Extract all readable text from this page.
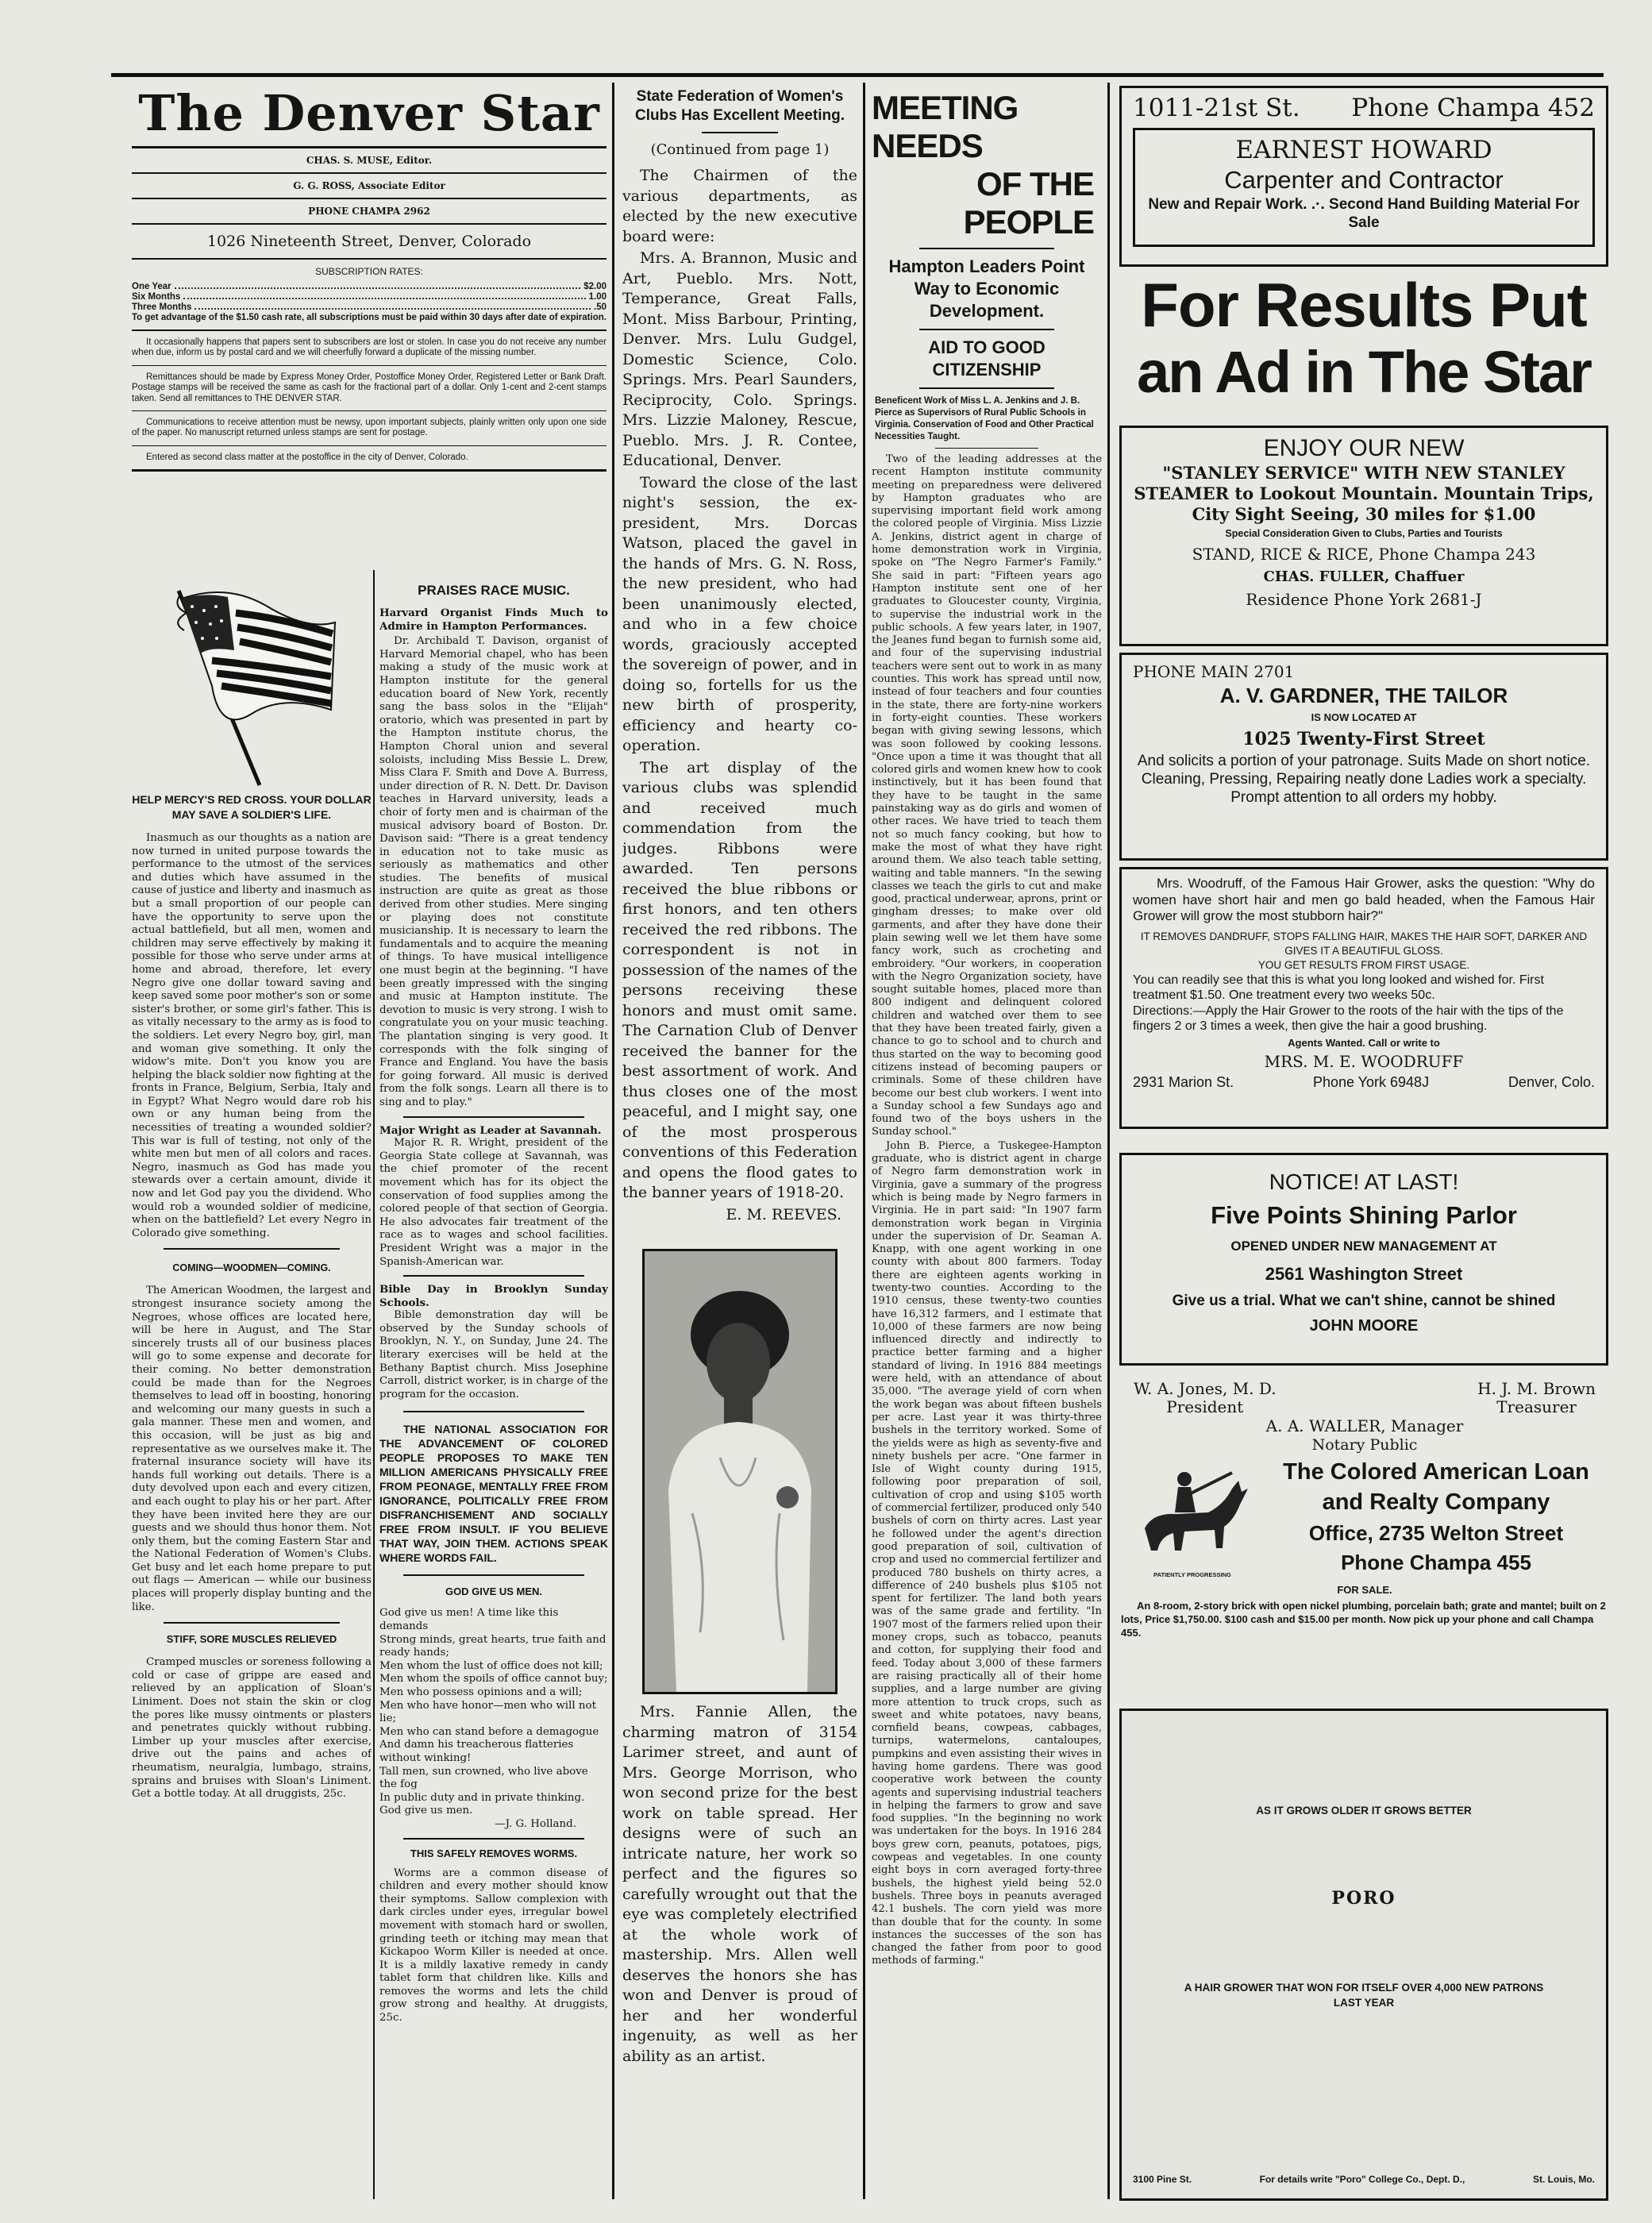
The Denver Star
CHAS. S. MUSE, Editor.
G. G. ROSS, Associate Editor
PHONE CHAMPA 2962
1026 Nineteenth Street, Denver, Colorado
SUBSCRIPTION RATES:
One Year	$2.00
Six Months	1.00
Three Months	.50
To get advantage of the $1.50 cash rate, all subscriptions must be paid within 30 days after date of expiration.

It occasionally happens that papers sent to subscribers are lost or stolen. In case you do not receive any number when due, inform us by postal card and we will cheerfully forward a duplicate of the missing number.

Remittances should be made by Express Money Order, Postoffice Money Order, Registered Letter or Bank Draft. Postage stamps will be received the same as cash for the fractional part of a dollar. Only 1-cent and 2-cent stamps taken. Send all remittances to THE DENVER STAR.

Communications to receive attention must be newsy, upon important subjects, plainly written only upon one side of the paper. No manuscript returned unless stamps are sent for postage.

Entered as second class matter at the postoffice in the city of Denver, Colorado.

HELP MERCY'S RED CROSS. YOUR DOLLAR MAY SAVE A SOLDIER'S LIFE.

Inasmuch as our thoughts as a nation are now turned in united purpose towards the performance to the utmost of the services and duties which have assumed in the cause of justice and liberty and inasmuch as but a small proportion of our people can have the opportunity to serve upon the actual battlefield, but all men, women and children may serve effectively by making it possible for those who serve under arms at home and abroad, therefore, let every Negro give one dollar toward saving and keep saved some poor mother's son or some sister's brother, or some girl's father. This is as vitally necessary to the army as is food to the soldiers. Let every Negro boy, girl, man and woman give something. It only the widow's mite. Don't you know you are helping the black soldier now fighting at the fronts in France, Belgium, Serbia, Italy and in Egypt? What Negro would dare rob his own or any human being from the necessities of treating a wounded soldier? This war is full of testing, not only of the white men but men of all colors and races. Negro, inasmuch as God has made you stewards over a certain amount, divide it now and let God pay you the dividend. Who would rob a wounded soldier of medicine, when on the battlefield? Let every Negro in Colorado give something.

COMING—WOODMEN—COMING.

The American Woodmen, the largest and strongest insurance society among the Negroes, whose offices are located here, will be here in August, and The Star sincerely trusts all of our business places will go to some expense and decorate for their coming. No better demonstration could be made than for the Negroes themselves to lead off in boosting, honoring and welcoming our many guests in such a gala manner. These men and women, and this occasion, will be just as big and representative as we ourselves make it. The fraternal insurance society will have its hands full working out details. There is a duty devolved upon each and every citizen, and each ought to play his or her part. After they have been invited here they are our guests and we should thus honor them. Not only them, but the coming Eastern Star and the National Federation of Women's Clubs. Get busy and let each home prepare to put out flags — American — while our business places will properly display bunting and the like.

STIFF, SORE MUSCLES RELIEVED

Cramped muscles or soreness following a cold or case of grippe are eased and relieved by an application of Sloan's Liniment. Does not stain the skin or clog the pores like mussy ointments or plasters and penetrates quickly without rubbing. Limber up your muscles after exercise, drive out the pains and aches of rheumatism, neuralgia, lumbago, strains, sprains and bruises with Sloan's Liniment. Get a bottle today. At all druggists, 25c.

PRAISES RACE MUSIC.
Harvard Organist Finds Much to Admire in Hampton Performances.

Dr. Archibald T. Davison, organist of Harvard Memorial chapel, who has been making a study of the music work at Hampton institute for the general education board of New York, recently sang the bass solos in the "Elijah" oratorio, which was presented in part by the Hampton institute chorus, the Hampton Choral union and several soloists, including Miss Bessie L. Drew, Miss Clara F. Smith and Dove A. Burress, under direction of R. N. Dett. Dr. Davison teaches in Harvard university, leads a choir of forty men and is chairman of the musical advisory board of Boston. Dr. Davison said: "There is a great tendency in education not to take music as seriously as mathematics and other studies. The benefits of musical instruction are quite as great as those derived from other studies. Mere singing or playing does not constitute musicianship. It is necessary to learn the fundamentals and to acquire the meaning of things. To have musical intelligence one must begin at the beginning. "I have been greatly impressed with the singing and music at Hampton institute. The devotion to music is very strong. I wish to congratulate you on your music teaching. The plantation singing is very good. It corresponds with the folk singing of France and England. You have the basis for going forward. All music is derived from the folk songs. Learn all there is to sing and to play."

Major Wright as Leader at Savannah.

Major R. R. Wright, president of the Georgia State college at Savannah, was the chief promoter of the recent movement which has for its object the conservation of food supplies among the colored people of that section of Georgia. He also advocates fair treatment of the race as to wages and school facilities. President Wright was a major in the Spanish-American war.

Bible Day in Brooklyn Sunday Schools.

Bible demonstration day will be observed by the Sunday schools of Brooklyn, N. Y., on Sunday, June 24. The literary exercises will be held at the Bethany Baptist church. Miss Josephine Carroll, district worker, is in charge of the program for the occasion.

THE NATIONAL ASSOCIATION FOR THE ADVANCEMENT OF COLORED PEOPLE PROPOSES TO MAKE TEN MILLION AMERICANS PHYSICALLY FREE FROM PEONAGE, MENTALLY FREE FROM IGNORANCE, POLITICALLY FREE FROM DISFRANCHISEMENT AND SOCIALLY FREE FROM INSULT. IF YOU BELIEVE THAT WAY, JOIN THEM. ACTIONS SPEAK WHERE WORDS FAIL.
GOD GIVE US MEN.
God give us men! A time like this demands
Strong minds, great hearts, true faith and ready hands;
Men whom the lust of office does not kill;
Men whom the spoils of office cannot buy;
Men who possess opinions and a will;
Men who have honor—men who will not lie;
Men who can stand before a demagogue
And damn his treacherous flatteries without winking!
Tall men, sun crowned, who live above the fog
In public duty and in private thinking. God give us men.
—J. G. Holland.
THIS SAFELY REMOVES WORMS.

Worms are a common disease of children and every mother should know their symptoms. Sallow complexion with dark circles under eyes, irregular bowel movement with stomach hard or swollen, grinding teeth or itching may mean that Kickapoo Worm Killer is needed at once. It is a mildly laxative remedy in candy tablet form that children like. Kills and removes the worms and lets the child grow strong and healthy. At druggists, 25c.

State Federation of Women's Clubs Has Excellent Meeting.
(Continued from page 1)

The Chairmen of the various departments, as elected by the new executive board were:

Mrs. A. Brannon, Music and Art, Pueblo. Mrs. Nott, Temperance, Great Falls, Mont. Miss Barbour, Printing, Denver. Mrs. Lulu Gudgel, Domestic Science, Colo. Springs. Mrs. Pearl Saunders, Reciprocity, Colo. Springs. Mrs. Lizzie Maloney, Rescue, Pueblo. Mrs. J. R. Contee, Educational, Denver.

Toward the close of the last night's session, the ex-president, Mrs. Dorcas Watson, placed the gavel in the hands of Mrs. G. N. Ross, the new president, who had been unanimously elected, and who in a few choice words, graciously accepted the sovereign of power, and in doing so, fortells for us the new birth of prosperity, efficiency and hearty co-operation.

The art display of the various clubs was splendid and received much commendation from the judges. Ribbons were awarded. Ten persons received the blue ribbons or first honors, and ten others received the red ribbons. The correspondent is not in possession of the names of the persons receiving these honors and must omit same. The Carnation Club of Denver received the banner for the best assortment of work. And thus closes one of the most peaceful, and I might say, one of the most prosperous conventions of this Federation and opens the flood gates to the banner years of 1918-20.

E. M. REEVES.

Mrs. Fannie Allen, the charming matron of 3154 Larimer street, and aunt of Mrs. George Morrison, who won second prize for the best work on table spread. Her designs were of such an intricate nature, her work so perfect and the figures so carefully wrought out that the eye was completely electrified at the whole work of mastership. Mrs. Allen well deserves the honors she has won and Denver is proud of her and her wonderful ingenuity, as well as her ability as an artist.

MEETING NEEDS
OF THE PEOPLE
Hampton Leaders Point Way to Economic Development.
AID TO GOOD CITIZENSHIP
Beneficent Work of Miss L. A. Jenkins and J. B. Pierce as Supervisors of Rural Public Schools in Virginia. Conservation of Food and Other Practical Necessities Taught.

Two of the leading addresses at the recent Hampton institute community meeting on preparedness were delivered by Hampton graduates who are supervising important field work among the colored people of Virginia. Miss Lizzie A. Jenkins, district agent in charge of home demonstration work in Virginia, spoke on "The Negro Farmer's Family." She said in part: "Fifteen years ago Hampton institute sent one of her graduates to Gloucester county, Virginia, to supervise the industrial work in the public schools. A few years later, in 1907, the Jeanes fund began to furnish some aid, and four of the supervising industrial teachers were sent out to work in as many counties. This work has spread until now, instead of four teachers and four counties in the state, there are forty-nine workers in forty-eight counties. These workers began with giving sewing lessons, which was soon followed by cooking lessons. "Once upon a time it was thought that all colored girls and women knew how to cook instinctively, but it has been found that they have to be taught in the same painstaking way as do girls and women of other races. We have tried to teach them not so much fancy cooking, but how to make the most of what they have right around them. We also teach table setting, waiting and table manners. "In the sewing classes we teach the girls to cut and make good, practical underwear, aprons, print or gingham dresses; to make over old garments, and after they have done their plain sewing well we let them have some fancy work, such as crocheting and embroidery. "Our workers, in cooperation with the Negro Organization society, have sought suitable homes, placed more than 800 indigent and delinquent colored children and watched over them to see that they have been treated fairly, given a chance to go to school and to church and thus started on the way to becoming good citizens instead of becoming paupers or criminals. Some of these children have become our best club workers. I went into a Sunday school a few Sundays ago and found two of the boys ushers in the Sunday school."

John B. Pierce, a Tuskegee-Hampton graduate, who is district agent in charge of Negro farm demonstration work in Virginia, gave a summary of the progress which is being made by Negro farmers in Virginia. He in part said: "In 1907 farm demonstration work began in Virginia under the supervision of Dr. Seaman A. Knapp, with one agent working in one county with about 800 farmers. Today there are eighteen agents working in twenty-two counties. According to the 1910 census, these twenty-two counties have 16,312 farmers, and I estimate that 10,000 of these farmers are now being influenced directly and indirectly to practice better farming and a higher standard of living. In 1916 884 meetings were held, with an attendance of about 35,000. "The average yield of corn when the work began was about fifteen bushels per acre. Last year it was thirty-three bushels in the territory worked. Some of the yields were as high as seventy-five and ninety bushels per acre. "One farmer in Isle of Wight county during 1915, following poor preparation of soil, cultivation of crop and using $105 worth of commercial fertilizer, produced only 540 bushels of corn on thirty acres. Last year he followed under the agent's direction good preparation of soil, cultivation of crop and used no commercial fertilizer and produced 780 bushels on thirty acres, a difference of 240 bushels plus $105 not spent for fertilizer. The land both years was of the same grade and fertility. "In 1907 most of the farmers relied upon their money crops, such as tobacco, peanuts and cotton, for supplying their food and feed. Today about 3,000 of these farmers are raising practically all of their home supplies, and a large number are giving more attention to truck crops, such as sweet and white potatoes, navy beans, cornfield beans, cowpeas, cabbages, turnips, watermelons, cantaloupes, pumpkins and even assisting their wives in having home gardens. There was good cooperative work between the county agents and supervising industrial teachers in helping the farmers to grow and save food supplies. "In the beginning no work was undertaken for the boys. In 1916 284 boys grew corn, peanuts, potatoes, pigs, cowpeas and vegetables. In one county eight boys in corn averaged forty-three bushels, the highest yield being 52.0 bushels. Three boys in peanuts averaged 42.1 bushels. The corn yield was more than double that for the county. In some instances the successes of the son has changed the father from poor to good methods of farming."

1011-21st St. Phone Champa 452
EARNEST HOWARD
Carpenter and Contractor
New and Repair Work. .·. Second Hand Building Material For Sale
For Results Put
an Ad in The Star
ENJOY OUR NEW
"STANLEY SERVICE" WITH NEW STANLEY
STEAMER to Lookout Mountain. Mountain Trips,
City Sight Seeing, 30 miles for $1.00
Special Consideration Given to Clubs, Parties and Tourists
STAND, RICE & RICE, Phone Champa 243
CHAS. FULLER, Chaffuer
Residence Phone York 2681-J
PHONE MAIN 2701
A. V. GARDNER, THE TAILOR
IS NOW LOCATED AT
1025 Twenty-First Street
And solicits a portion of your patronage. Suits Made on short notice. Cleaning, Pressing, Repairing neatly done Ladies work a specialty. Prompt attention to all orders my hobby.
Mrs. Woodruff, of the Famous Hair Grower, asks the question: "Why do women have short hair and men go bald headed, when the Famous Hair Grower will grow the most stubborn hair?"
IT REMOVES DANDRUFF, STOPS FALLING HAIR, MAKES THE HAIR SOFT, DARKER AND GIVES IT A BEAUTIFUL GLOSS.
YOU GET RESULTS FROM FIRST USAGE.
You can readily see that this is what you long looked and wished for. First treatment $1.50. One treatment every two weeks 50c.
Directions:—Apply the Hair Grower to the roots of the hair with the tips of the fingers 2 or 3 times a week, then give the hair a good brushing.
Agents Wanted. Call or write to
MRS. M. E. WOODRUFF
2931 Marion St.	Phone York 6948J	Denver, Colo.
NOTICE! AT LAST!
Five Points Shining Parlor
OPENED UNDER NEW MANAGEMENT AT
2561 Washington Street
Give us a trial. What we can't shine, cannot be shined
JOHN MOORE
W. A. Jones, M. D.
President
H. J. M. Brown
Treasurer
A. A. WALLER, Manager
Notary Public
PATIENTLY PROGRESSING
The Colored American Loan
and Realty Company
Office, 2735 Welton Street
Phone Champa 455
FOR SALE.
An 8-room, 2-story brick with open nickel plumbing, porcelain bath; grate and mantel; built on 2 lots, Price $1,750.00. $100 cash and $15.00 per month. Now pick up your phone and call Champa 455.
AS IT GROWS OLDER IT GROWS BETTER
PORO
A HAIR GROWER THAT WON FOR ITSELF OVER 4,000 NEW PATRONS LAST YEAR
3100 Pine St.	For details write "Poro" College Co., Dept. D.,	St. Louis, Mo.
